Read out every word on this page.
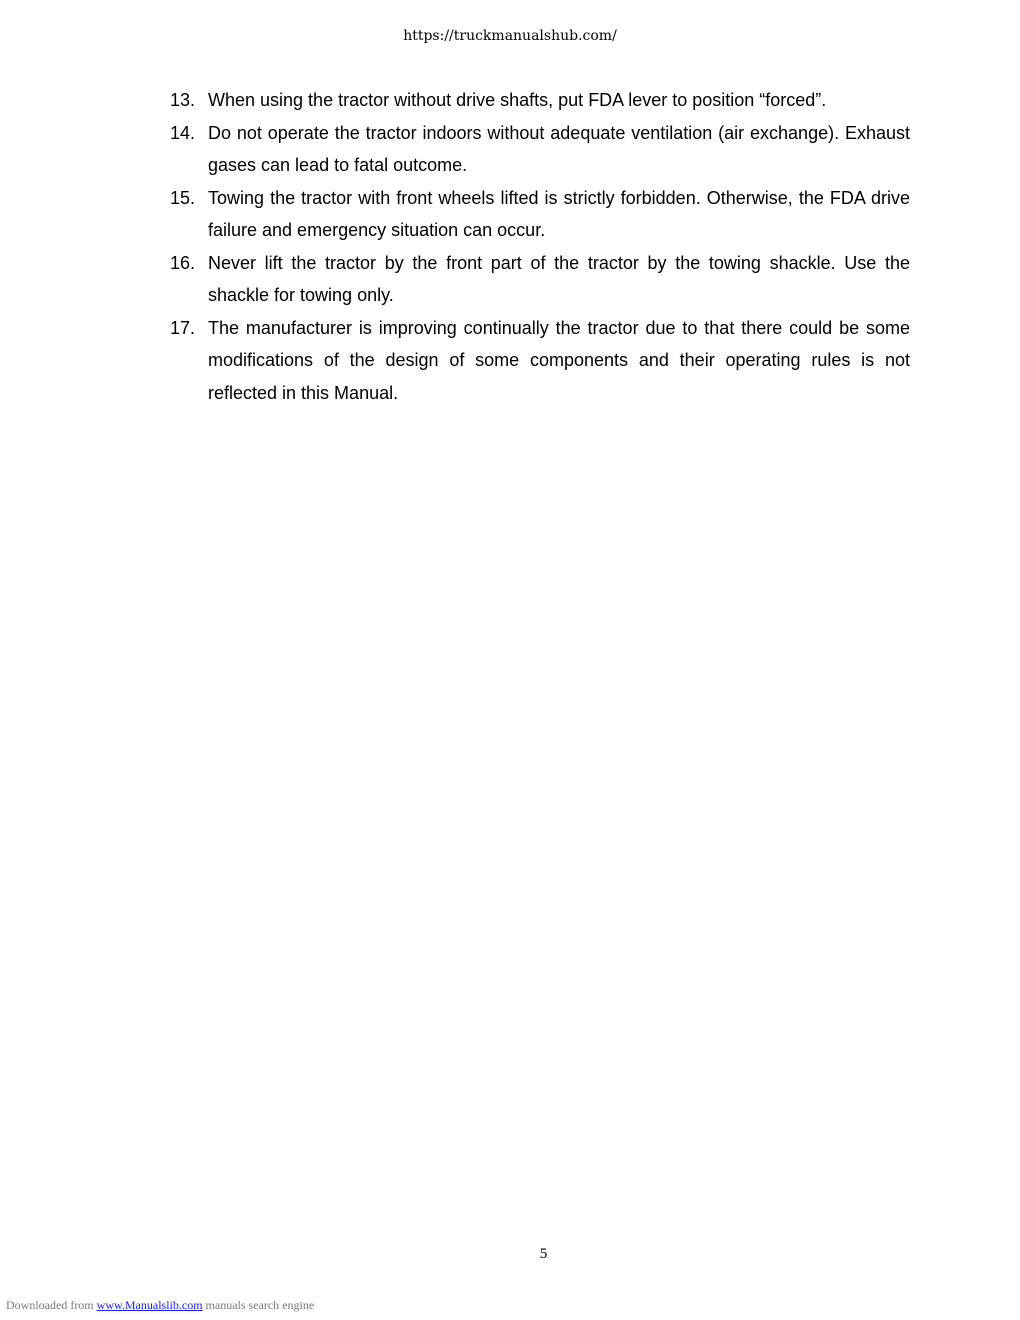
https://truckmanualshub.com/
13. When using the tractor without drive shafts, put FDA lever to position “forced”.
14. Do not operate the tractor indoors without adequate ventilation (air exchange). Exhaust gases can lead to fatal outcome.
15. Towing the tractor with front wheels lifted is strictly forbidden. Otherwise, the FDA drive failure and emergency situation can occur.
16. Never lift the tractor by the front part of the tractor by the towing shackle. Use the shackle for towing only.
17. The manufacturer is improving continually the tractor due to that there could be some modifications of the design of some components and their operating rules is not reflected in this Manual.
5
Downloaded from www.Manualslib.com manuals search engine
